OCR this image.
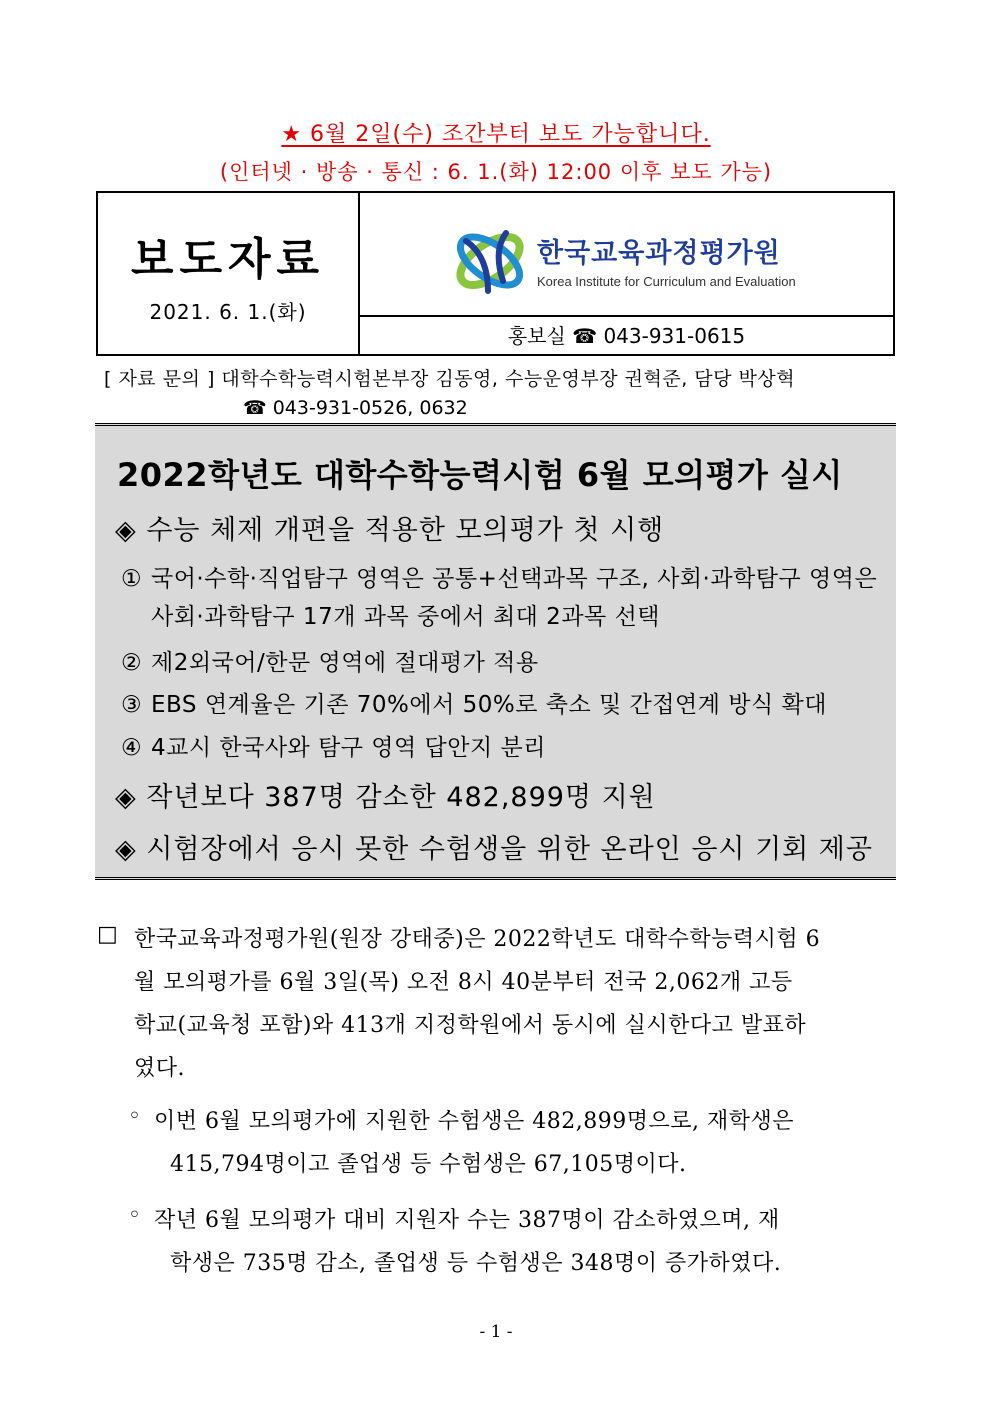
★ 6월 2일(수) 조간부터 보도 가능합니다.
(인터넷 · 방송 · 통신 : 6. 1.(화) 12:00 이후 보도 가능)
보도자료
2021. 6. 1.(화)
한국교육과정평가원
Korea Institute for Curriculum and Evaluation
홍보실 ☎ 043-931-0615
[ 자료 문의 ] 대학수학능력시험본부장 김동영, 수능운영부장 권혁준, 담당 박상혁
☎ 043-931-0526, 0632
2022학년도 대학수학능력시험 6월 모의평가 실시
◈ 수능 체제 개편을 적용한 모의평가 첫 시행
① 국어·수학·직업탐구 영역은 공통+선택과목 구조, 사회·과학탐구 영역은
사회·과학탐구 17개 과목 중에서 최대 2과목 선택
② 제2외국어/한문 영역에 절대평가 적용
③ EBS 연계율은 기존 70%에서 50%로 축소 및 간접연계 방식 확대
④ 4교시 한국사와 탐구 영역 답안지 분리
◈ 작년보다 387명 감소한 482,899명 지원
◈ 시험장에서 응시 못한 수험생을 위한 온라인 응시 기회 제공
□ 한국교육과정평가원(원장 강태중)은 2022학년도 대학수학능력시험 6
월 모의평가를 6월 3일(목) 오전 8시 40분부터 전국 2,062개 고등
학교(교육청 포함)와 413개 지정학원에서 동시에 실시한다고 발표하
였다.
◦ 이번 6월 모의평가에 지원한 수험생은 482,899명으로, 재학생은
415,794명이고 졸업생 등 수험생은 67,105명이다.
◦ 작년 6월 모의평가 대비 지원자 수는 387명이 감소하였으며, 재
학생은 735명 감소, 졸업생 등 수험생은 348명이 증가하였다.
- 1 -
